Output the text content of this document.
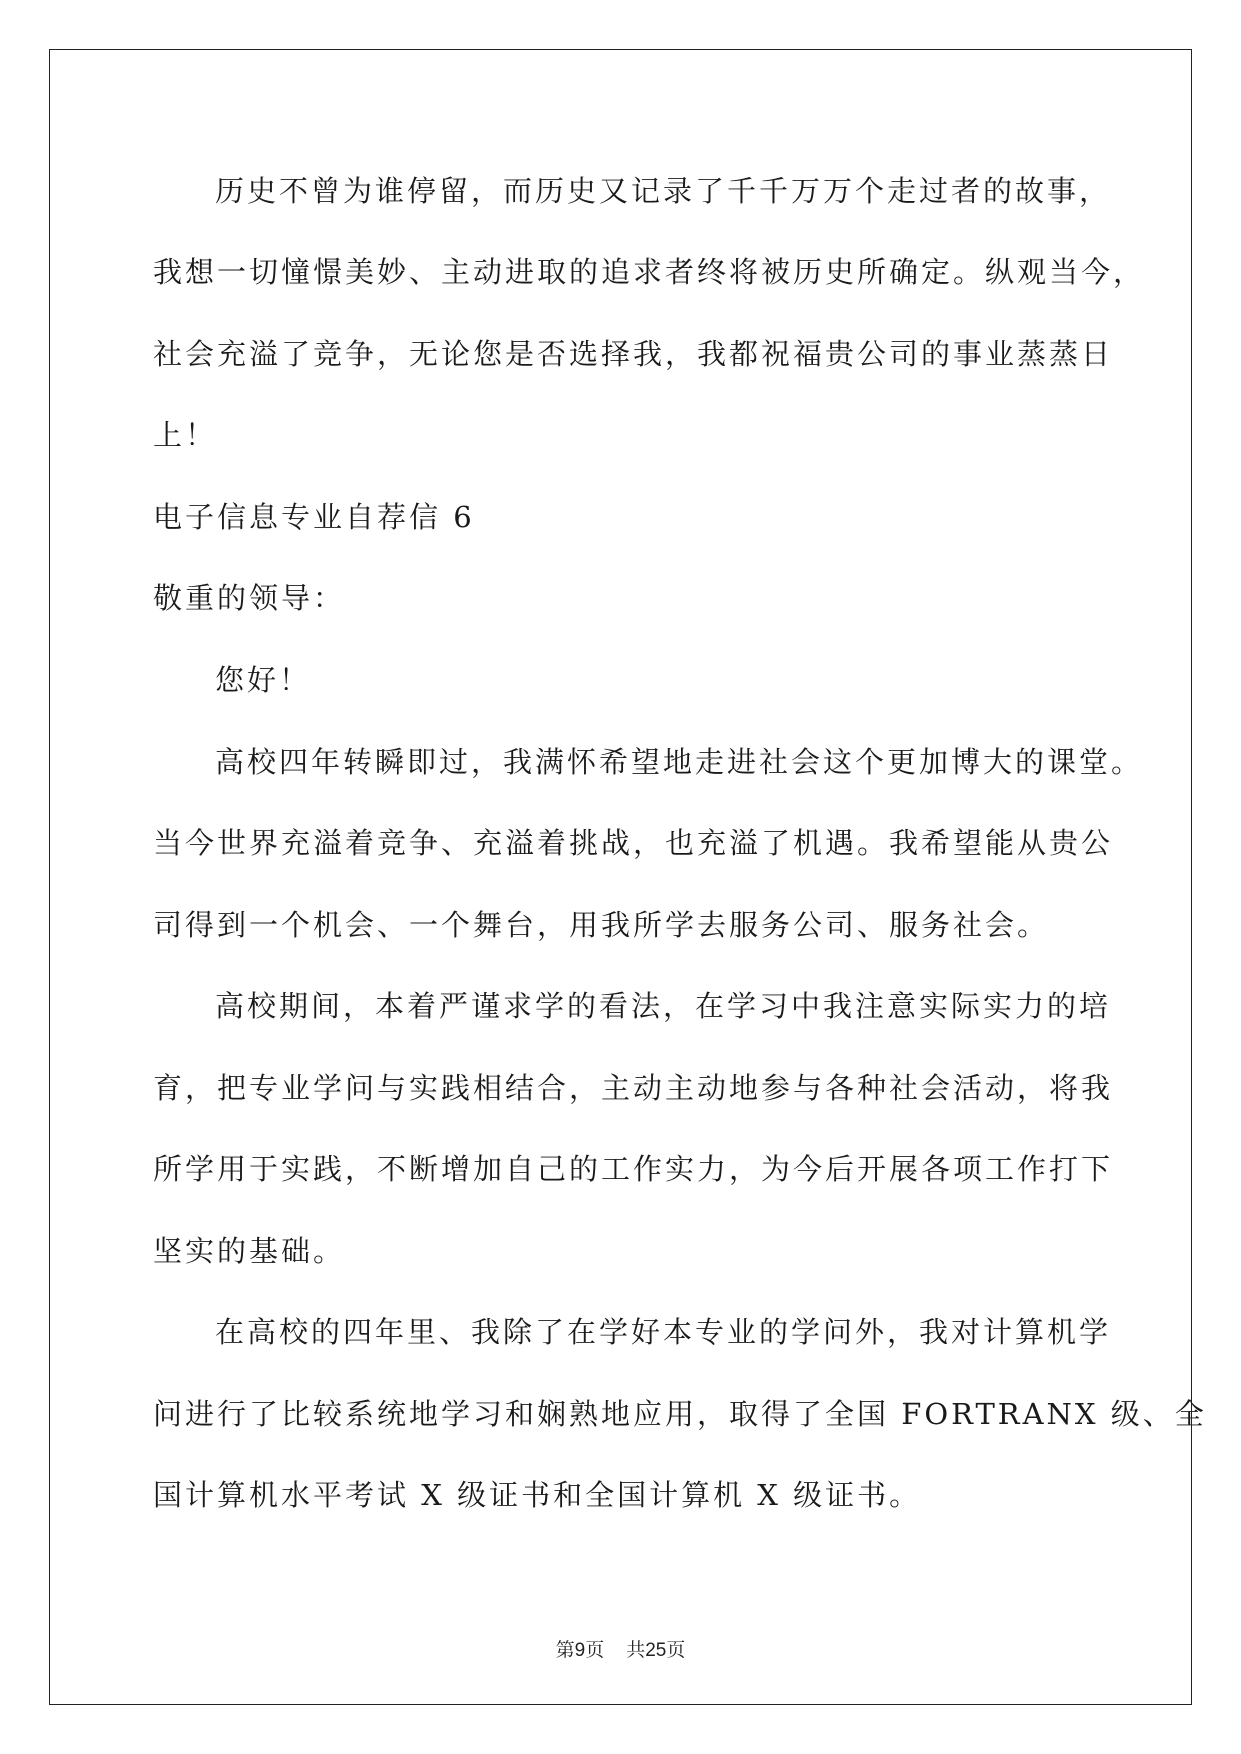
历史不曾为谁停留，而历史又记录了千千万万个走过者的故事，
我想一切憧憬美妙、主动进取的追求者终将被历史所确定。纵观当今，
社会充溢了竞争，无论您是否选择我，我都祝福贵公司的事业蒸蒸日
上！
电子信息专业自荐信 6
敬重的领导：
您好！
高校四年转瞬即过，我满怀希望地走进社会这个更加博大的课堂。
当今世界充溢着竞争、充溢着挑战，也充溢了机遇。我希望能从贵公
司得到一个机会、一个舞台，用我所学去服务公司、服务社会。
高校期间，本着严谨求学的看法，在学习中我注意实际实力的培
育，把专业学问与实践相结合，主动主动地参与各种社会活动，将我
所学用于实践，不断增加自己的工作实力，为今后开展各项工作打下
坚实的基础。
在高校的四年里、我除了在学好本专业的学问外，我对计算机学
问进行了比较系统地学习和娴熟地应用，取得了全国 FORTRANX 级、全
国计算机水平考试 X 级证书和全国计算机 X 级证书。
第9页 共25页
